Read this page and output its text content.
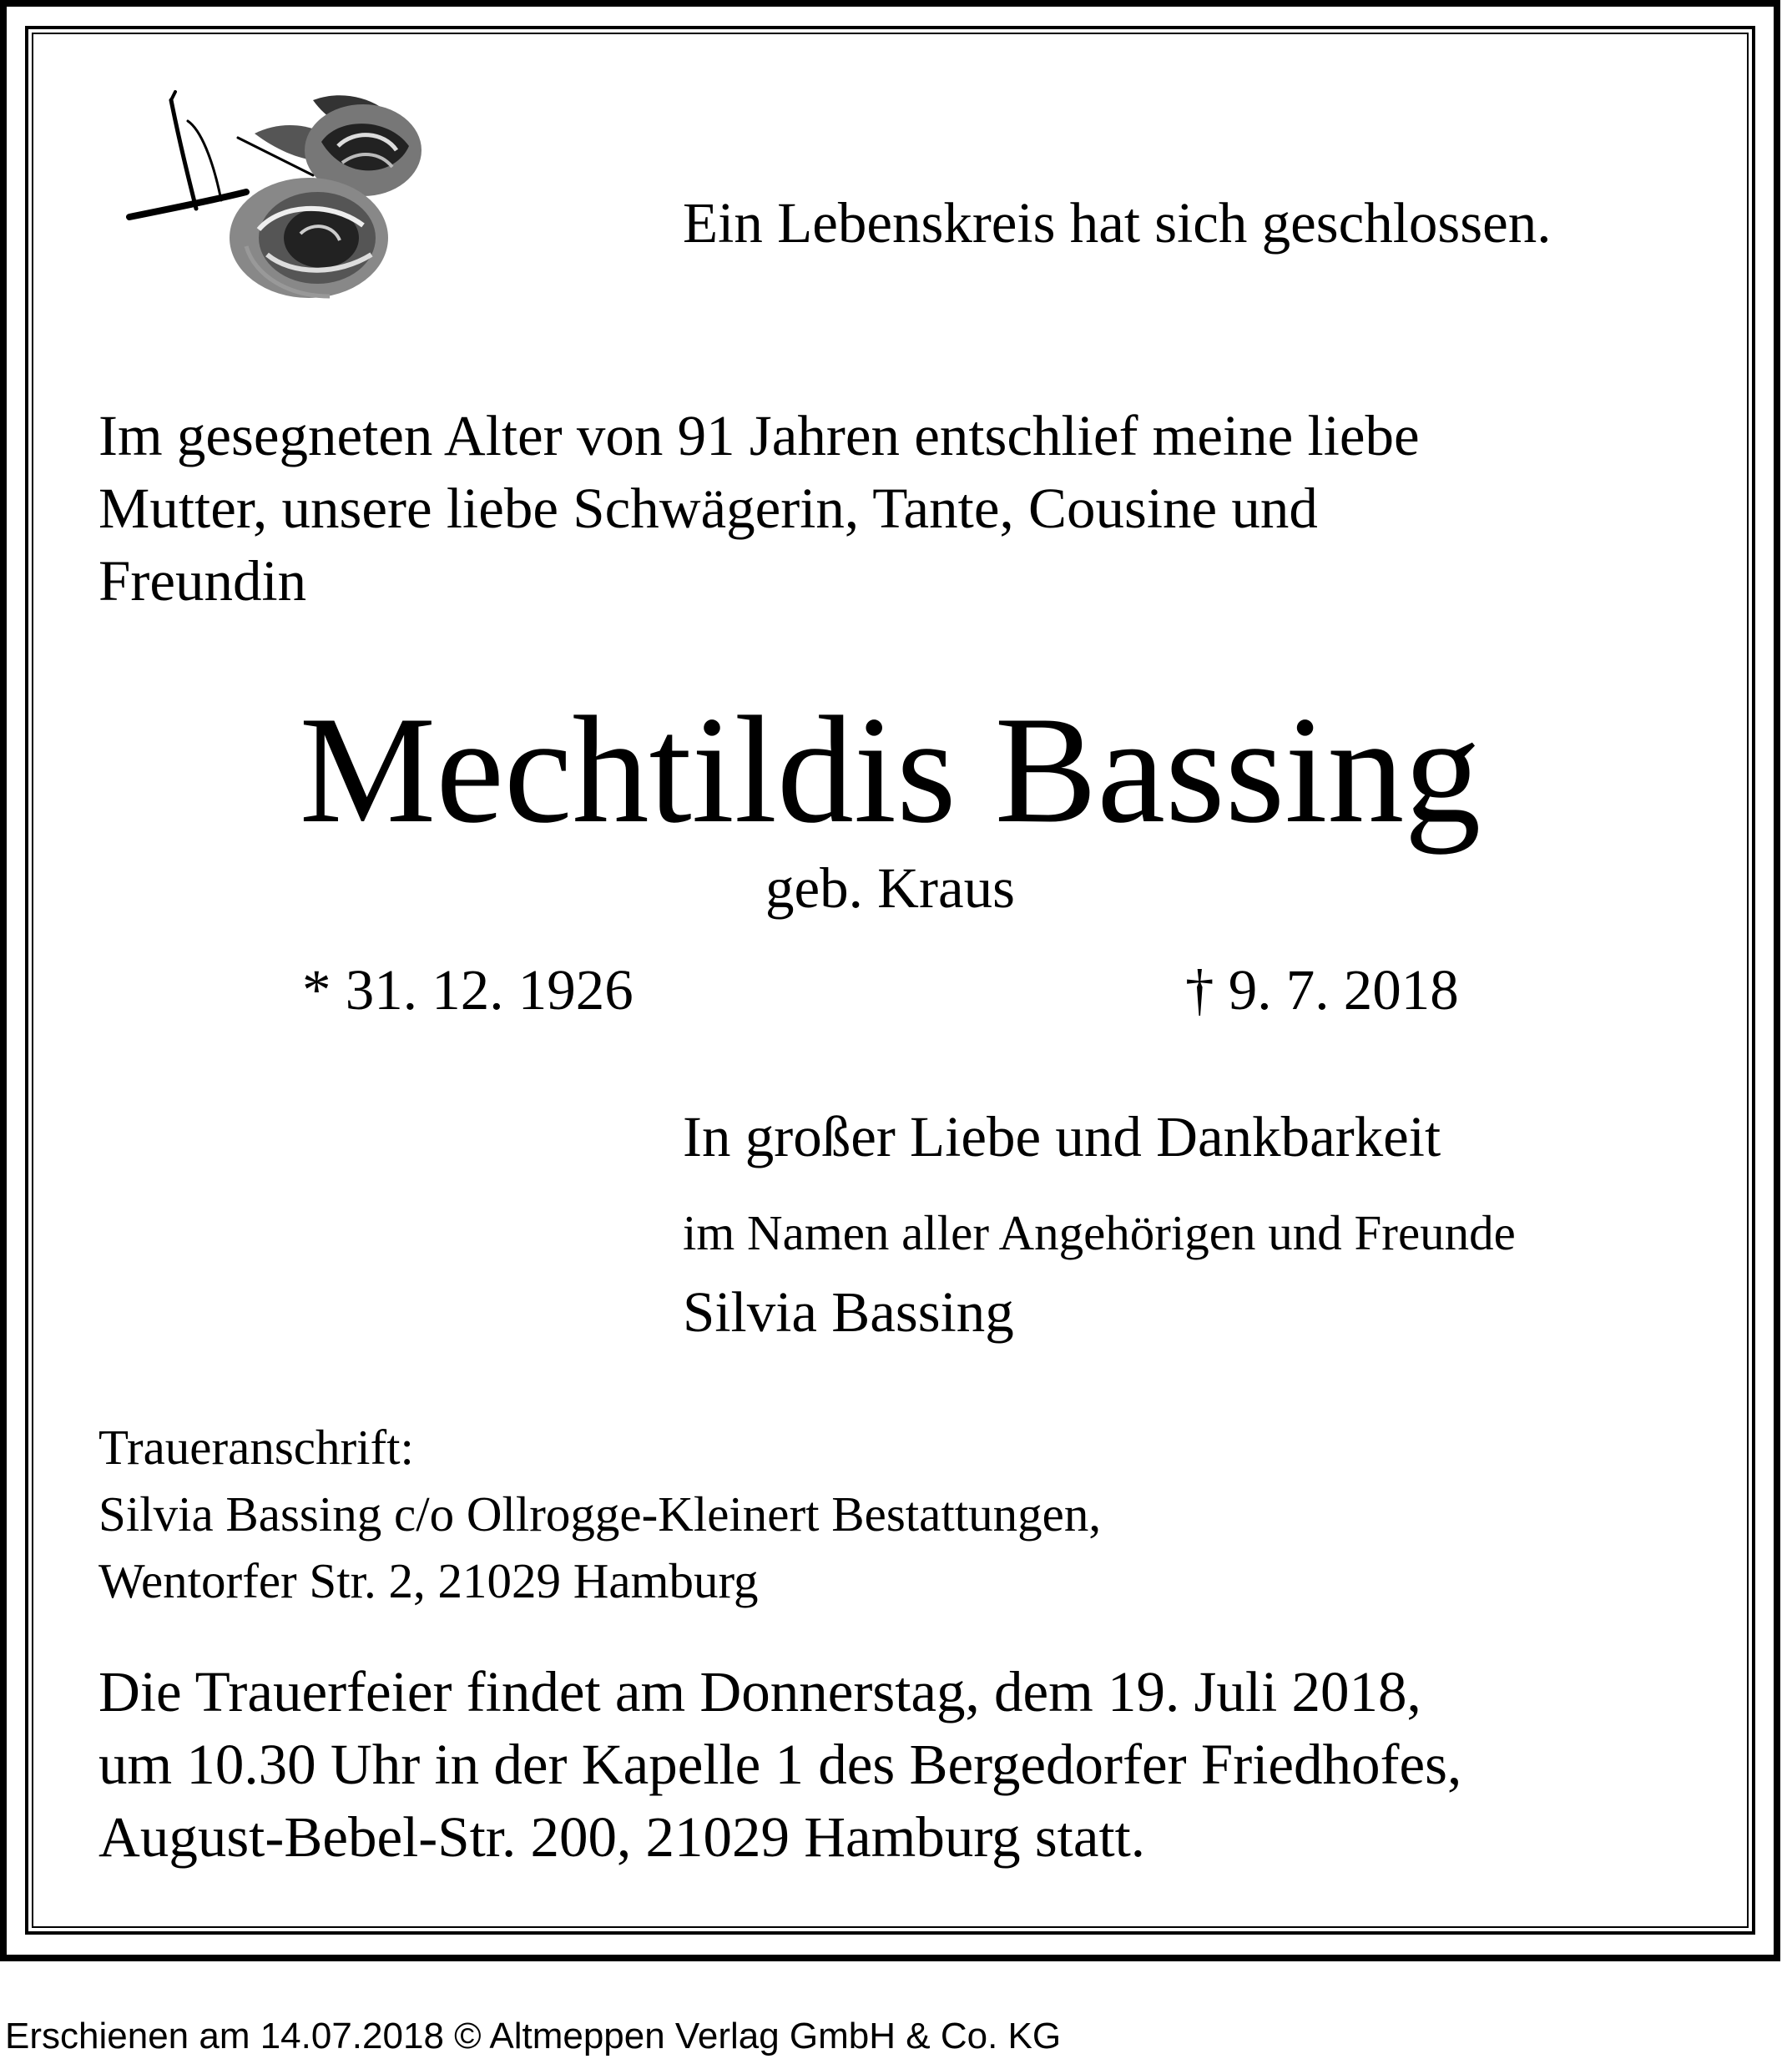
Ein Lebenskreis hat sich geschlossen.
Im gesegneten Alter von 91 Jahren entschlief meine liebe
Mutter, unsere liebe Schwägerin, Tante, Cousine und
Freundin
Mechtildis Bassing
geb. Kraus
* 31. 12. 1926	† 9. 7. 2018
In großer Liebe und Dankbarkeit
im Namen aller Angehörigen und Freunde
Silvia Bassing
Traueranschrift:
Silvia Bassing c/o Ollrogge-Kleinert Bestattungen,
Wentorfer Str. 2, 21029 Hamburg
Die Trauerfeier findet am Donnerstag, dem 19. Juli 2018,
um 10.30 Uhr in der Kapelle 1 des Bergedorfer Friedhofes,
August-Bebel-Str. 200, 21029 Hamburg statt.
Erschienen am 14.07.2018 © Altmeppen Verlag GmbH & Co. KG
